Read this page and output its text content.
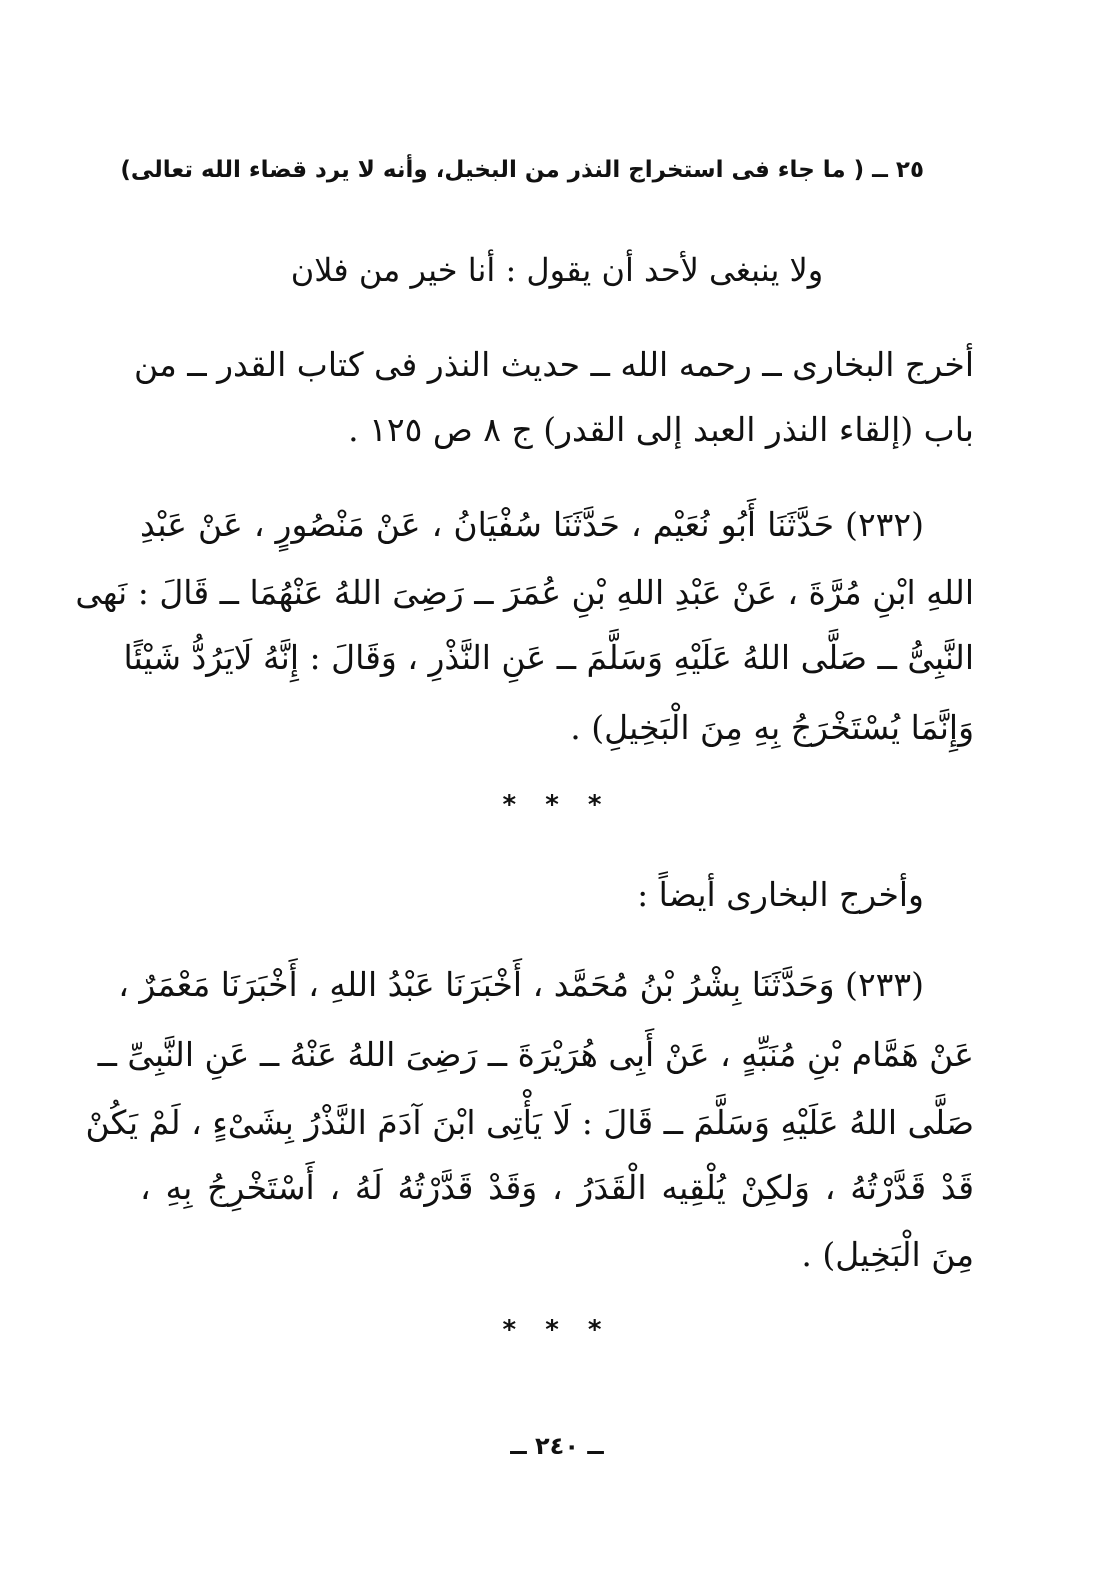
٢٥ ــ ( ما جاء فى استخراج النذر من البخيل، وأنه لا يرد قضاء الله تعالى)
ولا ينبغى لأحد أن يقول : أنا خير من فلان
أخرج البخارى ــ رحمه الله ــ حديث النذر فى كتاب القدر ــ من
باب (إلقاء النذر العبد إلى القدر) ج ٨ ص ١٢٥ .
(٢٣٢) حَدَّثَنَا أَبُو نُعَيْم ، حَدَّثَنَا سُفْيَانُ ، عَنْ مَنْصُورٍ ، عَنْ عَبْدِ
اللهِ ابْنِ مُرَّةَ ، عَنْ عَبْدِ اللهِ بْنِ عُمَرَ ــ رَضِىَ اللهُ عَنْهُمَا ــ قَالَ : نَهى
النَّبِىُّ ــ صَلَّى اللهُ عَلَيْهِ وَسَلَّمَ ــ عَنِ النَّذْرِ ، وَقَالَ : إِنَّهُ لَايَرُدُّ شَيْئًا
وَإِنَّمَا يُسْتَخْرَجُ بِهِ مِنَ الْبَخِيلِ) .
* * *
وأخرج البخارى أيضاً :
(٢٣٣) وَحَدَّثَنَا بِشْرُ بْنُ مُحَمَّد ، أَخْبَرَنَا عَبْدُ اللهِ ، أَخْبَرَنَا مَعْمَرٌ ،
عَنْ هَمَّام بْنِ مُنَبِّهٍ ، عَنْ أَبِى هُرَيْرَةَ ــ رَضِىَ اللهُ عَنْهُ ــ عَنِ النَّبِىِّ ــ
صَلَّى اللهُ عَلَيْهِ وَسَلَّمَ ــ قَالَ : لَا يَأْتِى ابْنَ آدَمَ النَّذْرُ بِشَىْءٍ ، لَمْ يَكُنْ
قَدْ قَدَّرْتُهُ ، وَلكِنْ يُلْقِيه الْقَدَرُ ، وَقَدْ قَدَّرْتُهُ لَهُ ، أَسْتَخْرِجُ بِهِ ،
مِنَ الْبَخِيل) .
* * *
ــ ٢٤٠ ــ
